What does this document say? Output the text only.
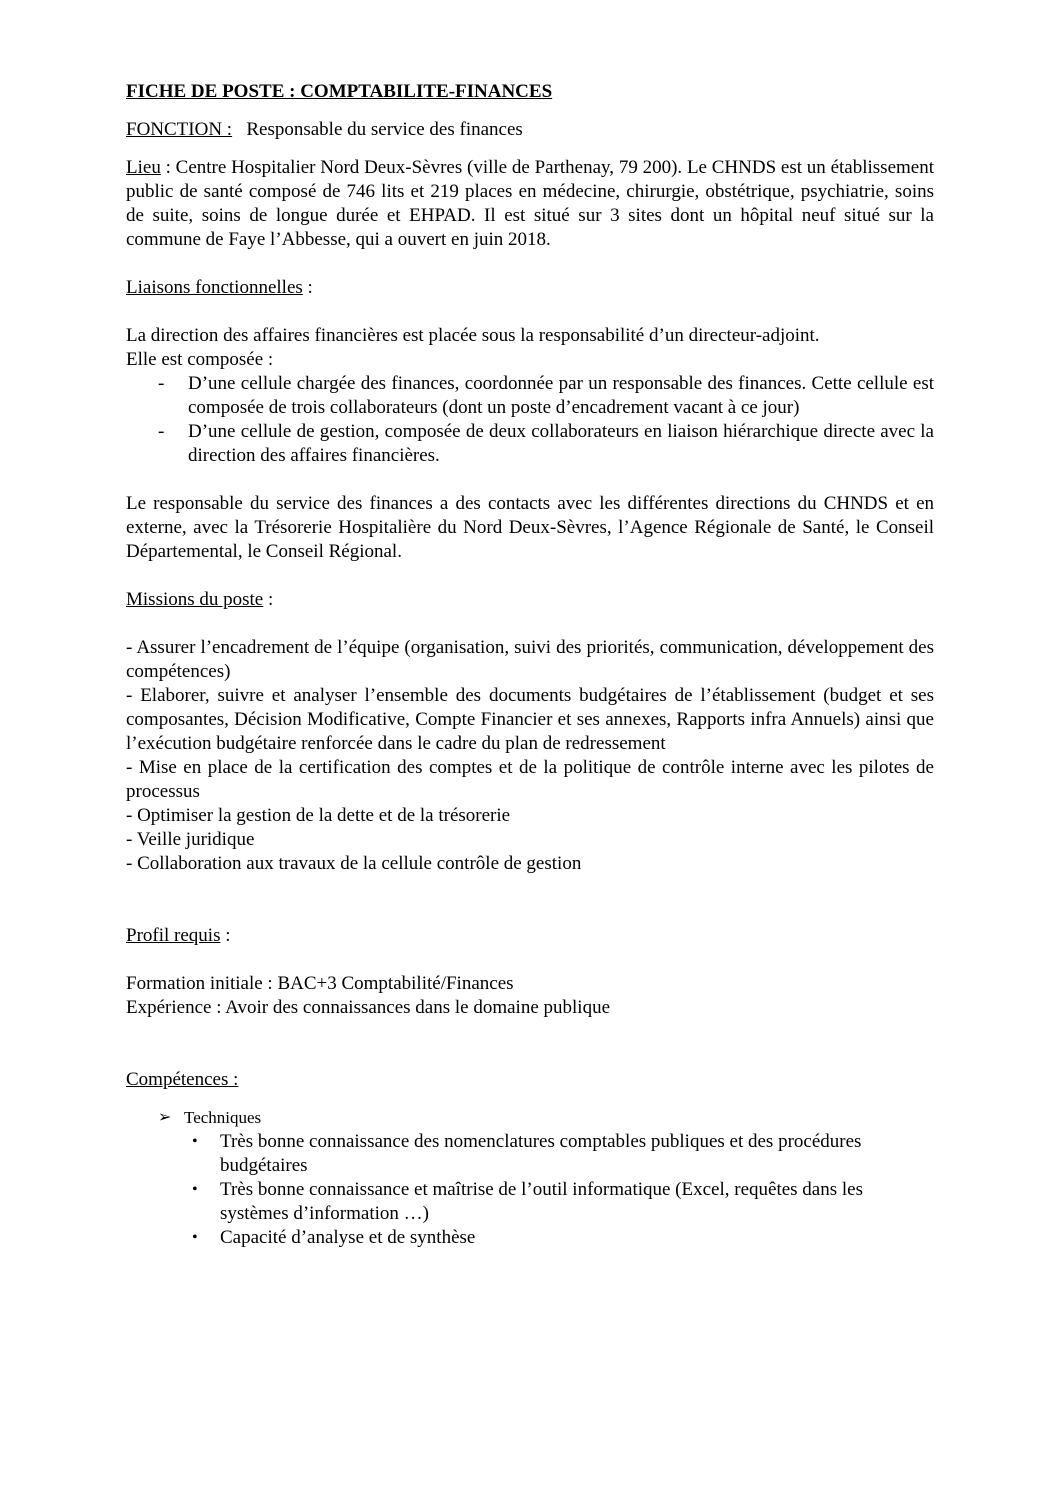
FICHE DE POSTE : COMPTABILITE-FINANCES

FONCTION : Responsable du service des finances

Lieu : Centre Hospitalier Nord Deux-Sèvres (ville de Parthenay, 79 200). Le CHNDS est un établissement public de santé composé de 746 lits et 219 places en médecine, chirurgie, obstétrique, psychiatrie, soins de suite, soins de longue durée et EHPAD. Il est situé sur 3 sites dont un hôpital neuf situé sur la commune de Faye l’Abbesse, qui a ouvert en juin 2018.

Liaisons fonctionnelles :

La direction des affaires financières est placée sous la responsabilité d’un directeur-adjoint.

Elle est composée :

- D’une cellule chargée des finances, coordonnée par un responsable des finances. Cette cellule est composée de trois collaborateurs (dont un poste d’encadrement vacant à ce jour)
- D’une cellule de gestion, composée de deux collaborateurs en liaison hiérarchique directe avec la direction des affaires financières.

Le responsable du service des finances a des contacts avec les différentes directions du CHNDS et en externe, avec la Trésorerie Hospitalière du Nord Deux-Sèvres, l’Agence Régionale de Santé, le Conseil Départemental, le Conseil Régional.

Missions du poste :

- Assurer l’encadrement de l’équipe (organisation, suivi des priorités, communication, développement des compétences)
- Elaborer, suivre et analyser l’ensemble des documents budgétaires de l’établissement (budget et ses composantes, Décision Modificative, Compte Financier et ses annexes, Rapports infra Annuels) ainsi que l’exécution budgétaire renforcée dans le cadre du plan de redressement
- Mise en place de la certification des comptes et de la politique de contrôle interne avec les pilotes de processus
- Optimiser la gestion de la dette et de la trésorerie
- Veille juridique
- Collaboration aux travaux de la cellule contrôle de gestion

Profil requis :

Formation initiale : BAC+3 Comptabilité/Finances

Expérience : Avoir des connaissances dans le domaine publique

Compétences :

➢ Techniques
• Très bonne connaissance des nomenclatures comptables publiques et des procédures budgétaires
• Très bonne connaissance et maîtrise de l’outil informatique (Excel, requêtes dans les systèmes d’information …)
• Capacité d’analyse et de synthèse
